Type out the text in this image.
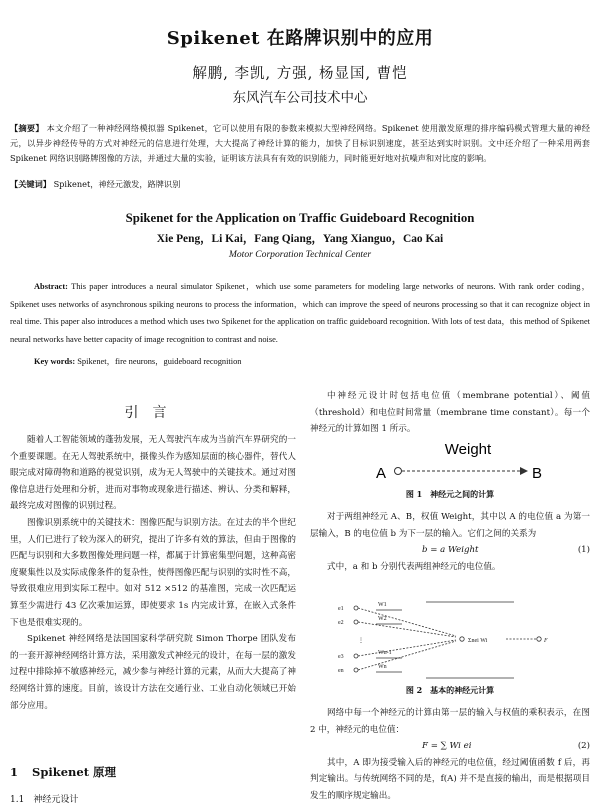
Spikenet 在路牌识别中的应用
解鹏, 李凯, 方强, 杨显国, 曹恺
东风汽车公司技术中心
【摘要】 本文介绍了一种神经网络模拟器 Spikenet，它可以使用有限的参数来模拟大型神经网络。Spikenet 使用激发原理的排序编码模式管理大量的神经元，以异步神经传导的方式对神经元的信息进行处理，大大提高了神经计算的能力，加快了目标识别速度，甚至达到实时识别。文中还介绍了一种采用两套 Spikenet 网络识别路牌图像的方法，并通过大量的实验，证明该方法具有有效的识别能力，同时能更好地对抗噪声和对比度的影响。
【关键词】 Spikenet，神经元激发，路牌识别
Spikenet for the Application on Traffic Guideboard Recognition
Xie Peng，Li Kai，Fang Qiang，Yang Xianguo，Cao Kai
Motor Corporation Technical Center
Abstract: This paper introduces a neural simulator Spikenet，which use some parameters for modeling large networks of neurons. With rank order coding，Spikenet uses networks of asynchronous spiking neurons to process the information，which can improve the speed of neurons processing so that it can recognize object in real time. This paper also introduces a method which uses two Spikenet for the application on traffic guideboard recognition. With lots of test data，this method of Spikenet neural networks have better capacity of image recognition to contrast and noise.
Key words: Spikenet，fire neurons，guideboard recognition
引言

随着人工智能领域的蓬勃发展，无人驾驶汽车成为当前汽车界研究的一个重要课题。在无人驾驶系统中，摄像头作为感知层面的核心器件，替代人眼完成对障碍物和道路的视觉识别，成为无人驾驶中的关键技术。通过对图像信息进行处理和分析，进而对事物或现象进行描述、辨认、分类和解释，最终完成对图像的识别过程。

图像识别系统中的关键技术：图像匹配与识别方法。在过去的半个世纪里，人们已进行了较为深入的研究，提出了许多有效的算法，但由于图像的匹配与识别和大多数图像处理问题一样，都属于计算密集型问题，这种高密度聚集性以及实际成像条件的复杂性，使得图像匹配与识别的实时性不高，导致很难应用到实际工程中。如对 512 ×512 的基准图，完成一次匹配运算至少需进行 43 亿次乘加运算，即使要求 1s 内完成计算，在嵌入式条件下也是很难实现的。

Spikenet 神经网络是法国国家科学研究院 Simon Thorpe 团队发布的一套开源神经网络计算方法，采用激发式神经元的设计，在每一层的激发过程中排除掉不敏感神经元，减少参与神经计算的元素，从而大大提高了神经网络计算的速度。目前，该设计方法在交通行业、工业自动化领域已开始部分应用。

1 Spikenet 原理
1.1　神经元设计

中神经元设计时包括电位值（membrane potential）、阈值（threshold）和电位时间常量（membrane time constant）。每一个神经元的计算如图 1 所示。

Weight
A	B
图 1　神经元之间的计算

对于两组神经元 A、B，权值 Weight，其中以 A 的电位值 a 为第一层输入，B 的电位值 b 为下一层的输入。它们之间的关系为

b = a Weight	(1)

式中，a 和 b 分别代表两组神经元的电位值。

e1
e2
e3
en
W1
W2
Wn-1
Wn
Σnei Wi	F
⋮
图 2　基本的神经元计算

网络中每一个神经元的计算由第一层的输入与权值的乘积表示，在图 2 中，神经元的电位值：

F = ∑ Wi ei	(2)

其中，A 即为接受输入后的神经元的电位值，经过阈值函数 f 后，再判定输出。与传统网络不同的是，f(A) 并不是直接的输出，而是根据项目发生的顺序规定输出。
